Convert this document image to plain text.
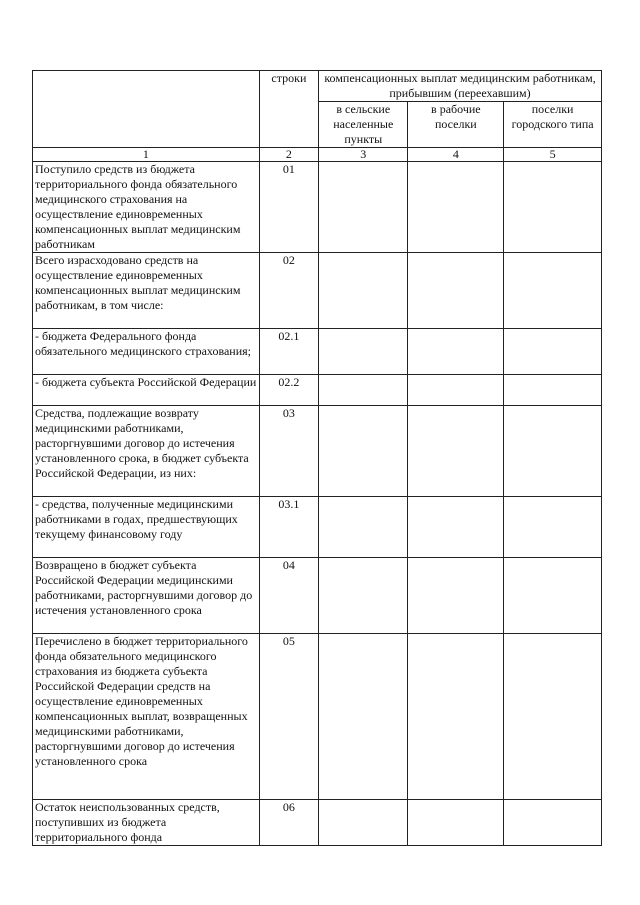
	строки	компенсационных выплат медицинским работникам, прибывшим (переехавшим)		
		в сельские населенные пункты	в рабочие поселки	поселки городского типа
1	2	3	4	5
Поступило средств из бюджета территориального фонда обязательного медицинского страхования на осуществление единовременных компенсационных выплат медицинским работникам	01			
Всего израсходовано средств на осуществление единовременных компенсационных выплат медицинским работникам, в том числе:	02			
- бюджета Федерального фонда обязательного медицинского страхования;	02.1			
- бюджета субъекта Российской Федерации	02.2			
Средства, подлежащие возврату медицинскими работниками, расторгнувшими договор до истечения установленного срока, в бюджет субъекта Российской Федерации, из них:	03			
- средства, полученные медицинскими работниками в годах, предшествующих текущему финансовому году	03.1			
Возвращено в бюджет субъекта Российской Федерации медицинскими работниками, расторгнувшими договор до истечения установленного срока	04			
Перечислено в бюджет территориального фонда обязательного медицинского страхования из бюджета субъекта Российской Федерации средств на осуществление единовременных компенсационных выплат, возвращенных медицинскими работниками, расторгнувшими договор до истечения установленного срока	05			
Остаток неиспользованных средств, поступивших из бюджета территориального фонда	06			
